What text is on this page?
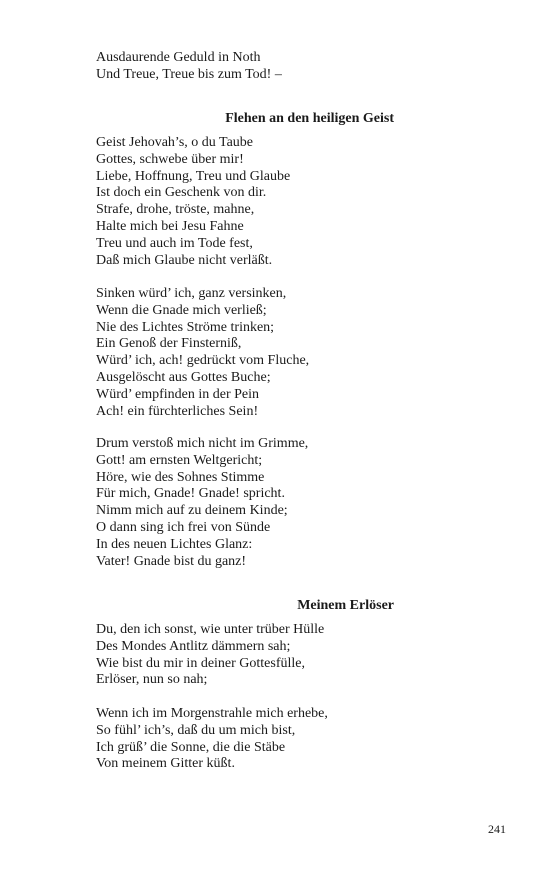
Ausdaurende Geduld in Noth
Und Treue, Treue bis zum Tod! –
Flehen an den heiligen Geist
Geist Jehovah’s, o du Taube
Gottes, schwebe über mir!
Liebe, Hoffnung, Treu und Glaube
Ist doch ein Geschenk von dir.
Strafe, drohe, tröste, mahne,
Halte mich bei Jesu Fahne
Treu und auch im Tode fest,
Daß mich Glaube nicht verläßt.
Sinken würd’ ich, ganz versinken,
Wenn die Gnade mich verließ;
Nie des Lichtes Ströme trinken;
Ein Genoß der Finsterniß,
Würd’ ich, ach! gedrückt vom Fluche,
Ausgelöscht aus Gottes Buche;
Würd’ empfinden in der Pein
Ach! ein fürchterliches Sein!
Drum verstoß mich nicht im Grimme,
Gott! am ernsten Weltgericht;
Höre, wie des Sohnes Stimme
Für mich, Gnade! Gnade! spricht.
Nimm mich auf zu deinem Kinde;
O dann sing ich frei von Sünde
In des neuen Lichtes Glanz:
Vater! Gnade bist du ganz!
Meinem Erlöser
Du, den ich sonst, wie unter trüber Hülle
Des Mondes Antlitz dämmern sah;
Wie bist du mir in deiner Gottesfülle,
Erlöser, nun so nah;
Wenn ich im Morgenstrahle mich erhebe,
So fühl’ ich’s, daß du um mich bist,
Ich grüß’ die Sonne, die die Stäbe
Von meinem Gitter küßt.
241
